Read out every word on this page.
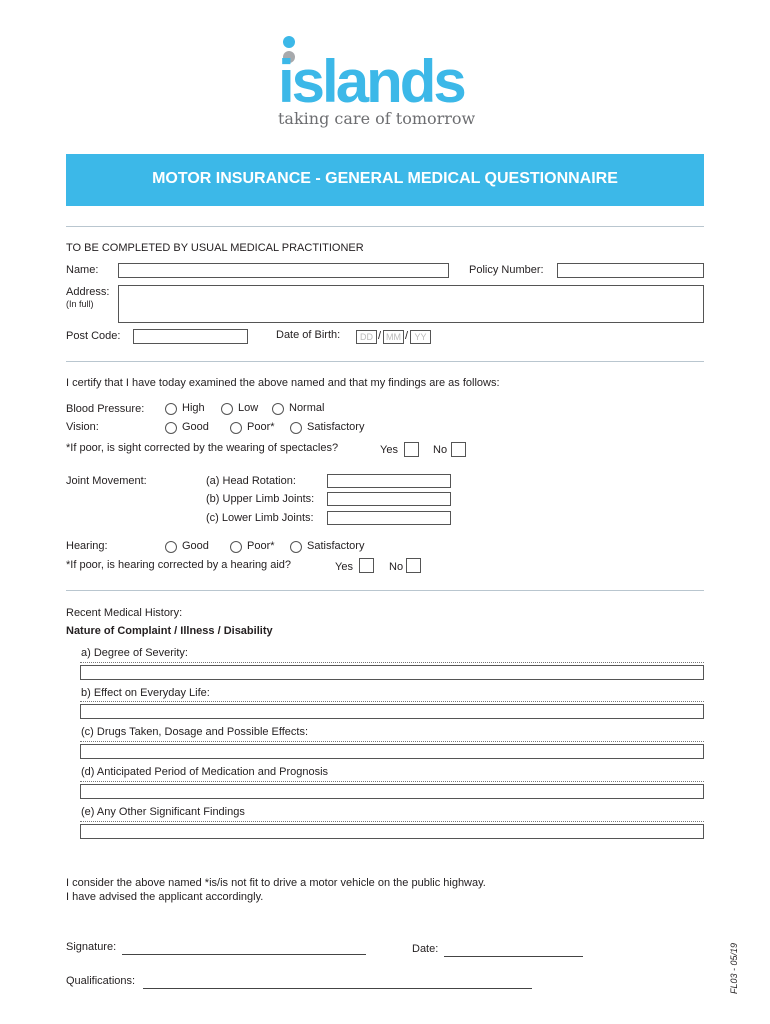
islands
taking care of tomorrow
MOTOR INSURANCE - GENERAL MEDICAL QUESTIONNAIRE
TO BE COMPLETED BY USUAL MEDICAL PRACTITIONER
Name:	Policy Number:
Address:
(In full)
Post Code:	Date of Birth:	DD / MM / YY
I certify that I have today examined the above named and that my findings are as follows:
Blood Pressure:	High	Low	Normal
Vision:	Good	Poor*	Satisfactory
*If poor, is sight corrected by the wearing of spectacles?	Yes	No
Joint Movement:	(a) Head Rotation:
(b) Upper Limb Joints:
(c) Lower Limb Joints:
Hearing:	Good	Poor*	Satisfactory
*If poor, is hearing corrected by a hearing aid?	Yes	No
Recent Medical History:
Nature of Complaint / Illness / Disability
a) Degree of Severity:
b) Effect on Everyday Life:
(c) Drugs Taken, Dosage and Possible Effects:
(d) Anticipated Period of Medication and Prognosis
(e) Any Other Significant Findings
I consider the above named *is/is not fit to drive a motor vehicle on the public highway.
I have advised the applicant accordingly.
Signature:	Date:
Qualifications:	FL03 - 05/19
